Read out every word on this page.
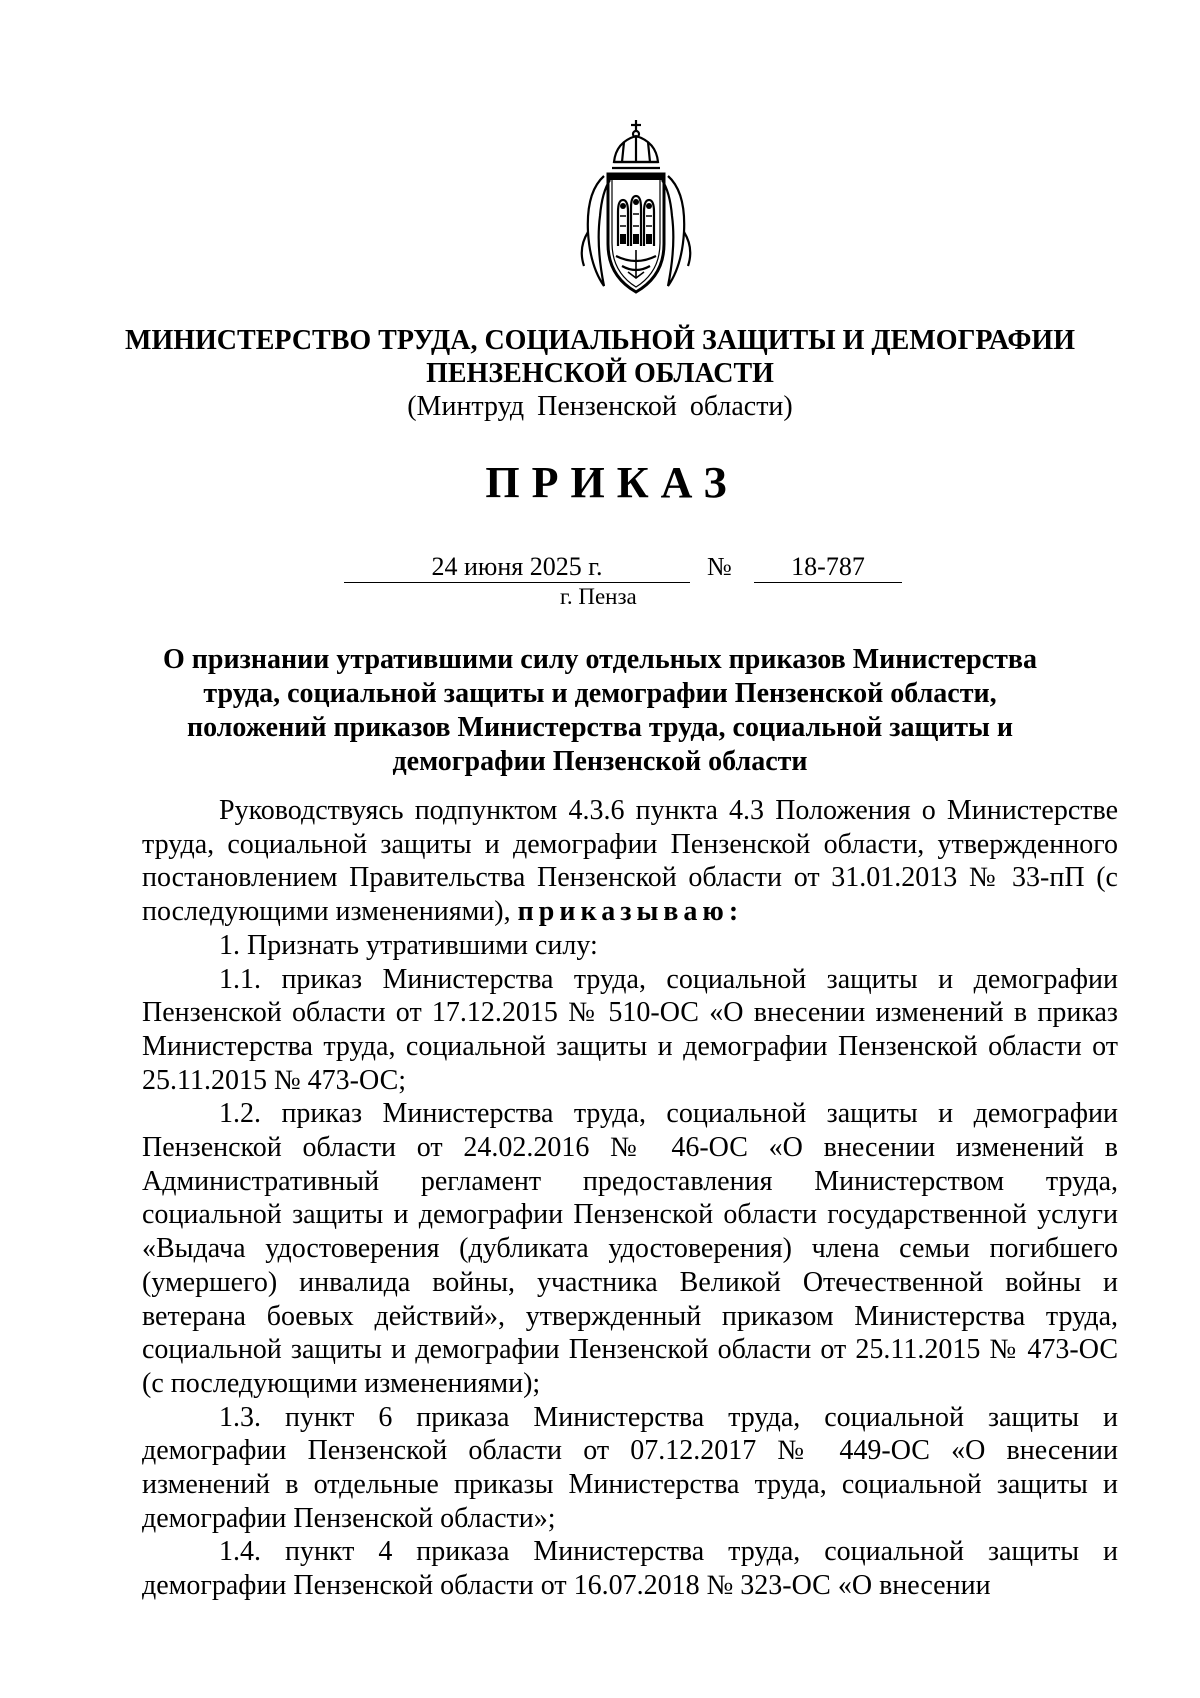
МИНИСТЕРСТВО ТРУДА, СОЦИАЛЬНОЙ ЗАЩИТЫ И ДЕМОГРАФИИ
ПЕНЗЕНСКОЙ ОБЛАСТИ
(Минтруд Пензенской области)
ПРИКАЗ
24 июня 2025 г.	№	18-787
г. Пенза
О признании утратившими силу отдельных приказов Министерства труда, социальной защиты и демографии Пензенской области, положений приказов Министерства труда, социальной защиты и демографии Пензенской области

Руководствуясь подпунктом 4.3.6 пункта 4.3 Положения о Министерстве труда, социальной защиты и демографии Пензенской области, утвержденного постановлением Правительства Пензенской области от 31.01.2013 № 33-пП (с последующими изменениями), приказываю:

1. Признать утратившими силу:

1.1. приказ Министерства труда, социальной защиты и демографии Пензенской области от 17.12.2015 № 510-ОС «О внесении изменений в приказ Министерства труда, социальной защиты и демографии Пензенской области от 25.11.2015 № 473-ОС;

1.2. приказ Министерства труда, социальной защиты и демографии Пензенской области от 24.02.2016 № 46-ОС «О внесении изменений в Административный регламент предоставления Министерством труда, социальной защиты и демографии Пензенской области государственной услуги «Выдача удостоверения (дубликата удостоверения) члена семьи погибшего (умершего) инвалида войны, участника Великой Отечественной войны и ветерана боевых действий», утвержденный приказом Министерства труда, социальной защиты и демографии Пензенской области от 25.11.2015 № 473-ОС (с последующими изменениями);

1.3. пункт 6 приказа Министерства труда, социальной защиты и демографии Пензенской области от 07.12.2017 № 449-ОС «О внесении изменений в отдельные приказы Министерства труда, социальной защиты и демографии Пензенской области»;

1.4. пункт 4 приказа Министерства труда, социальной защиты и демографии Пензенской области от 16.07.2018 № 323-ОС «О внесении
